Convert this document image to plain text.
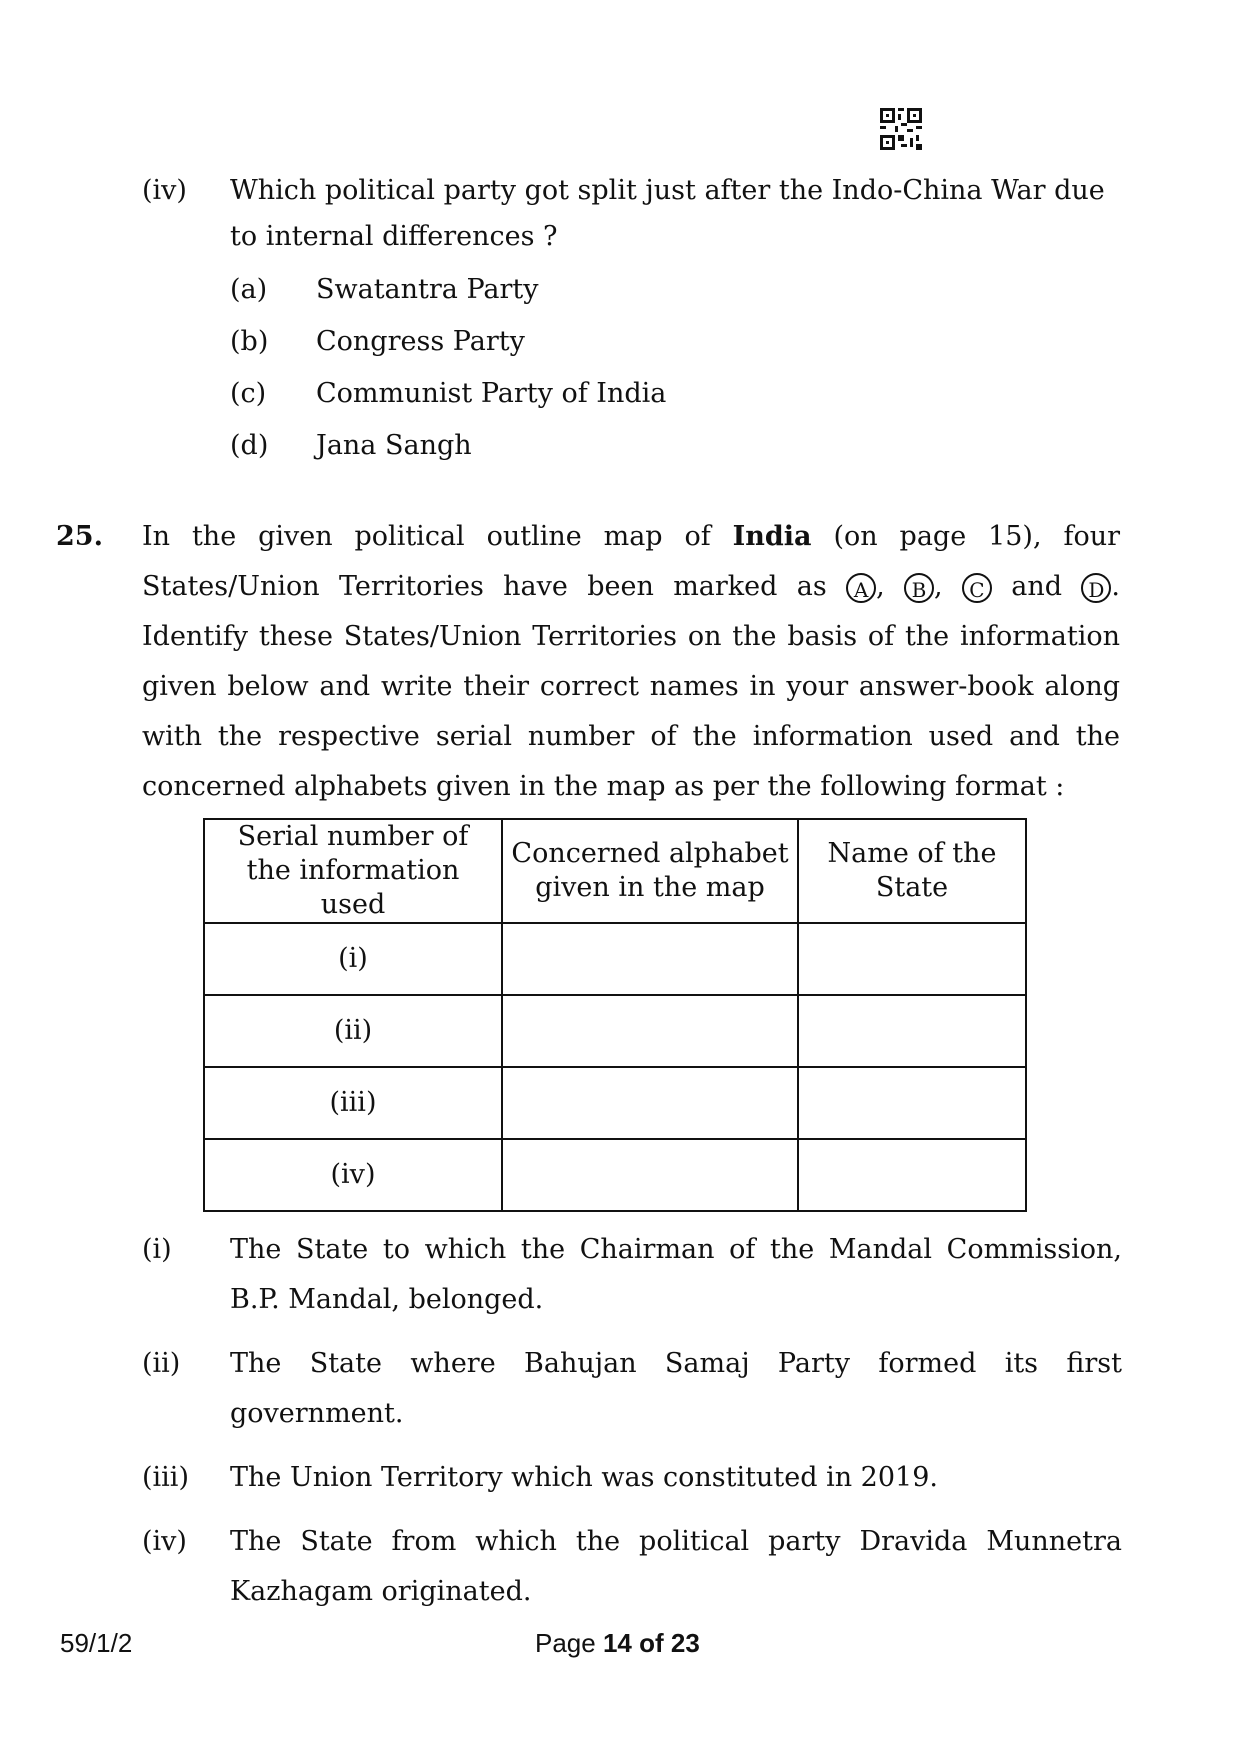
(iv)	Which political party got split just after the Indo-China War due to internal differences ?
(a)	Swatantra Party
(b)	Congress Party
(c)	Communist Party of India
(d)	Jana Sangh
25. In the given political outline map of India (on page 15), four States/Union Territories have been marked as A , B , C and D . Identify these States/Union Territories on the basis of the information given below and write their correct names in your answer-book along with the respective serial number of the information used and the concerned alphabets given in the map as per the following format :
Serial number of the information used	Concerned alphabet given in the map	Name of the State
(i)		
(ii)		
(iii)		
(iv)		
(i)	The State to which the Chairman of the Mandal Commission, B.P. Mandal, belonged.
(ii)	The State where Bahujan Samaj Party formed its first government.
(iii)	The Union Territory which was constituted in 2019.
(iv)	The State from which the political party Dravida Munnetra Kazhagam originated.
59/1/2	Page 14 of 23
